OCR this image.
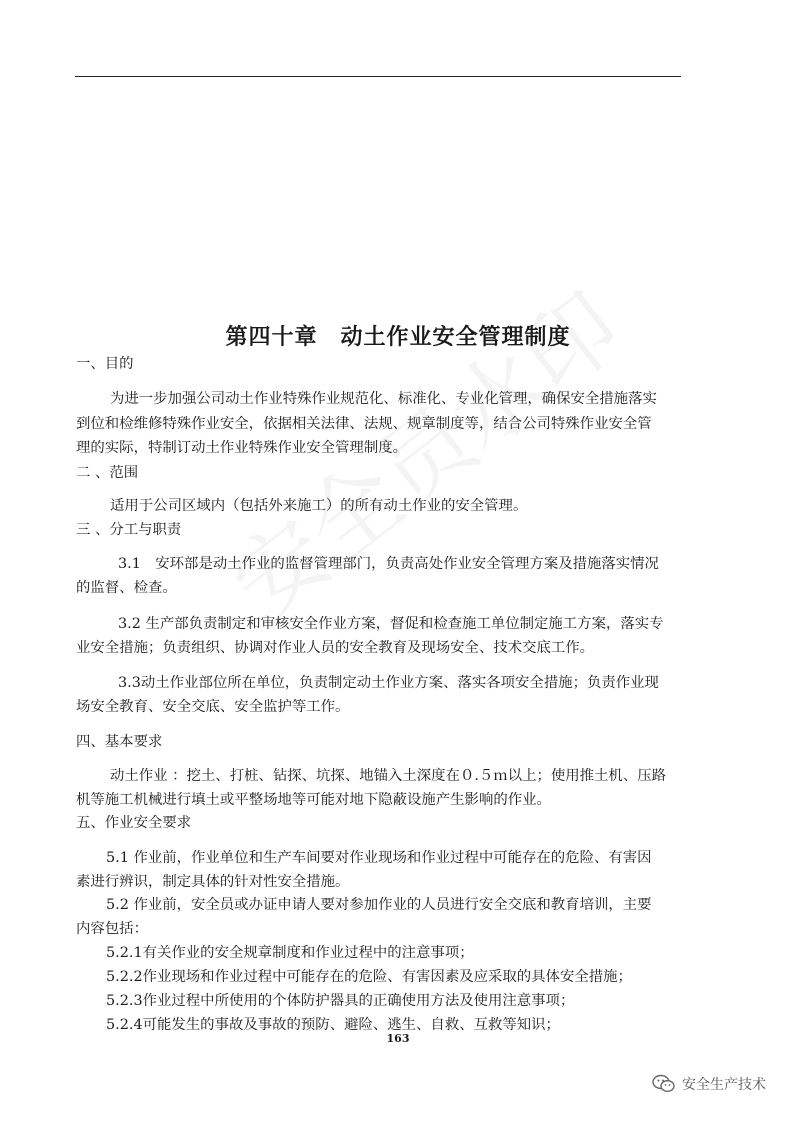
第四十章　动土作业安全管理制度
一、目的
为进一步加强公司动土作业特殊作业规范化、标准化、专业化管理，确保安全措施落实
到位和检维修特殊作业安全，依据相关法律、法规、规章制度等，结合公司特殊作业安全管
理的实际，特制订动土作业特殊作业安全管理制度。
二 、范围
适用于公司区域内（包括外来施工）的所有动土作业的安全管理。
三 、分工与职责
3.1　安环部是动土作业的监督管理部门，负责高处作业安全管理方案及措施落实情况
的监督、检查。
3.2 生产部负责制定和审核安全作业方案，督促和检查施工单位制定施工方案，落实专
业安全措施；负责组织、协调对作业人员的安全教育及现场安全、技术交底工作。
3.3动土作业部位所在单位，负责制定动土作业方案、落实各项安全措施；负责作业现
场安全教育、安全交底、安全监护等工作。
四、基本要求
动土作业 ：挖土、打桩、钻探、坑探、地锚入土深度在０.５ｍ以上；使用推土机、压路
机等施工机械进行填土或平整场地等可能对地下隐蔽设施产生影响的作业。
五、作业安全要求
5.1 作业前，作业单位和生产车间要对作业现场和作业过程中可能存在的危险、有害因
素进行辨识，制定具体的针对性安全措施。
5.2 作业前，安全员或办证申请人要对参加作业的人员进行安全交底和教育培训，主要
内容包括：
5.2.1有关作业的安全规章制度和作业过程中的注意事项；
5.2.2作业现场和作业过程中可能存在的危险、有害因素及应采取的具体安全措施；
5.2.3作业过程中所使用的个体防护器具的正确使用方法及使用注意事项；
5.2.4可能发生的事故及事故的预防、避险、逃生、自救、互救等知识；
163
安全生产技术
